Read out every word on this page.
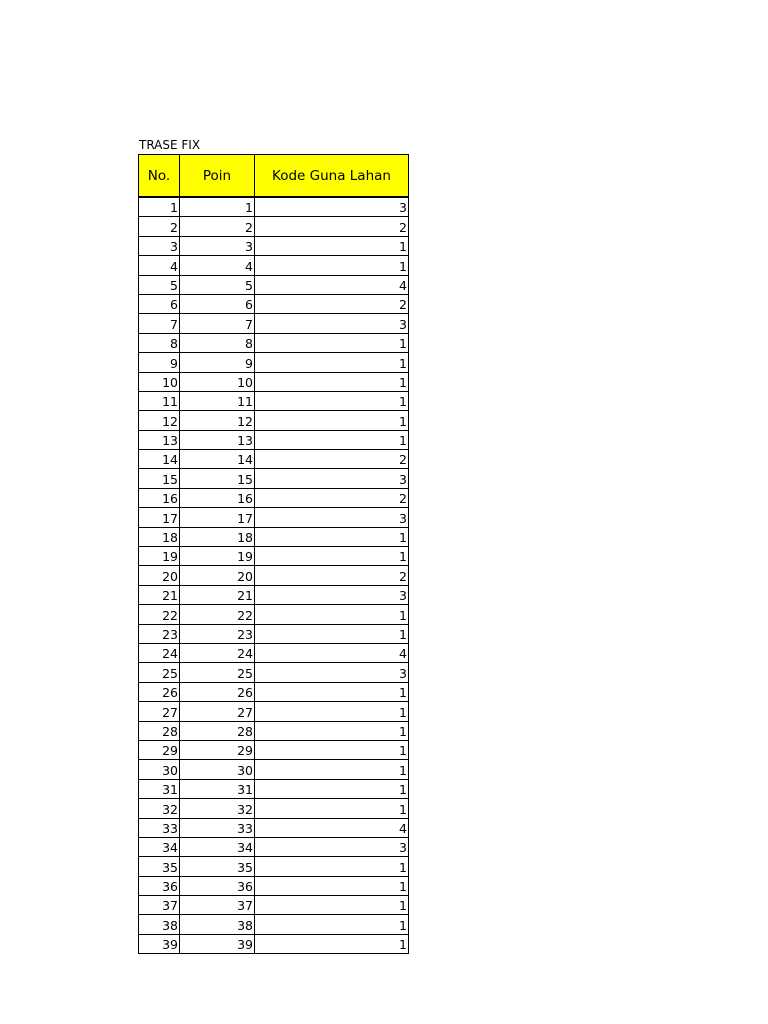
TRASE FIX
No.	Poin	Kode Guna Lahan
1	1	3
2	2	2
3	3	1
4	4	1
5	5	4
6	6	2
7	7	3
8	8	1
9	9	1
10	10	1
11	11	1
12	12	1
13	13	1
14	14	2
15	15	3
16	16	2
17	17	3
18	18	1
19	19	1
20	20	2
21	21	3
22	22	1
23	23	1
24	24	4
25	25	3
26	26	1
27	27	1
28	28	1
29	29	1
30	30	1
31	31	1
32	32	1
33	33	4
34	34	3
35	35	1
36	36	1
37	37	1
38	38	1
39	39	1
